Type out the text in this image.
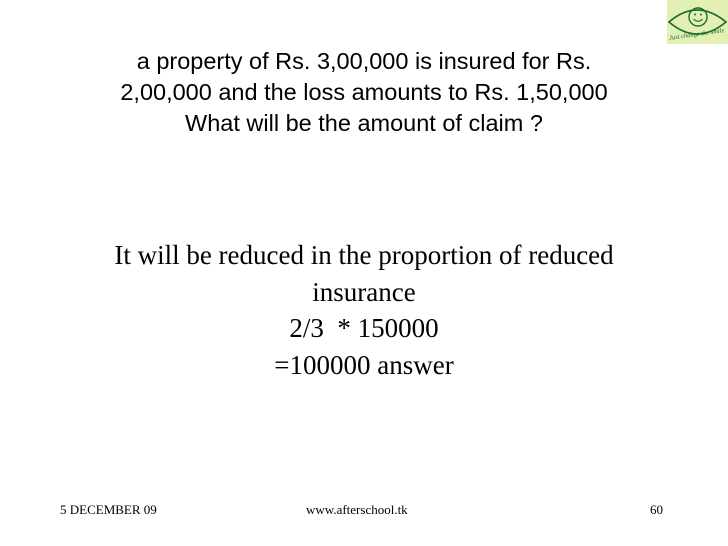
Just change the smile
a property of Rs. 3,00,000 is insured for Rs.
2,00,000 and the loss amounts to Rs. 1,50,000
What will be the amount of claim ?
It will be reduced in the proportion of reduced
insurance
2/3  * 150000
=100000 answer
5 DECEMBER 09	www.afterschool.tk	60
